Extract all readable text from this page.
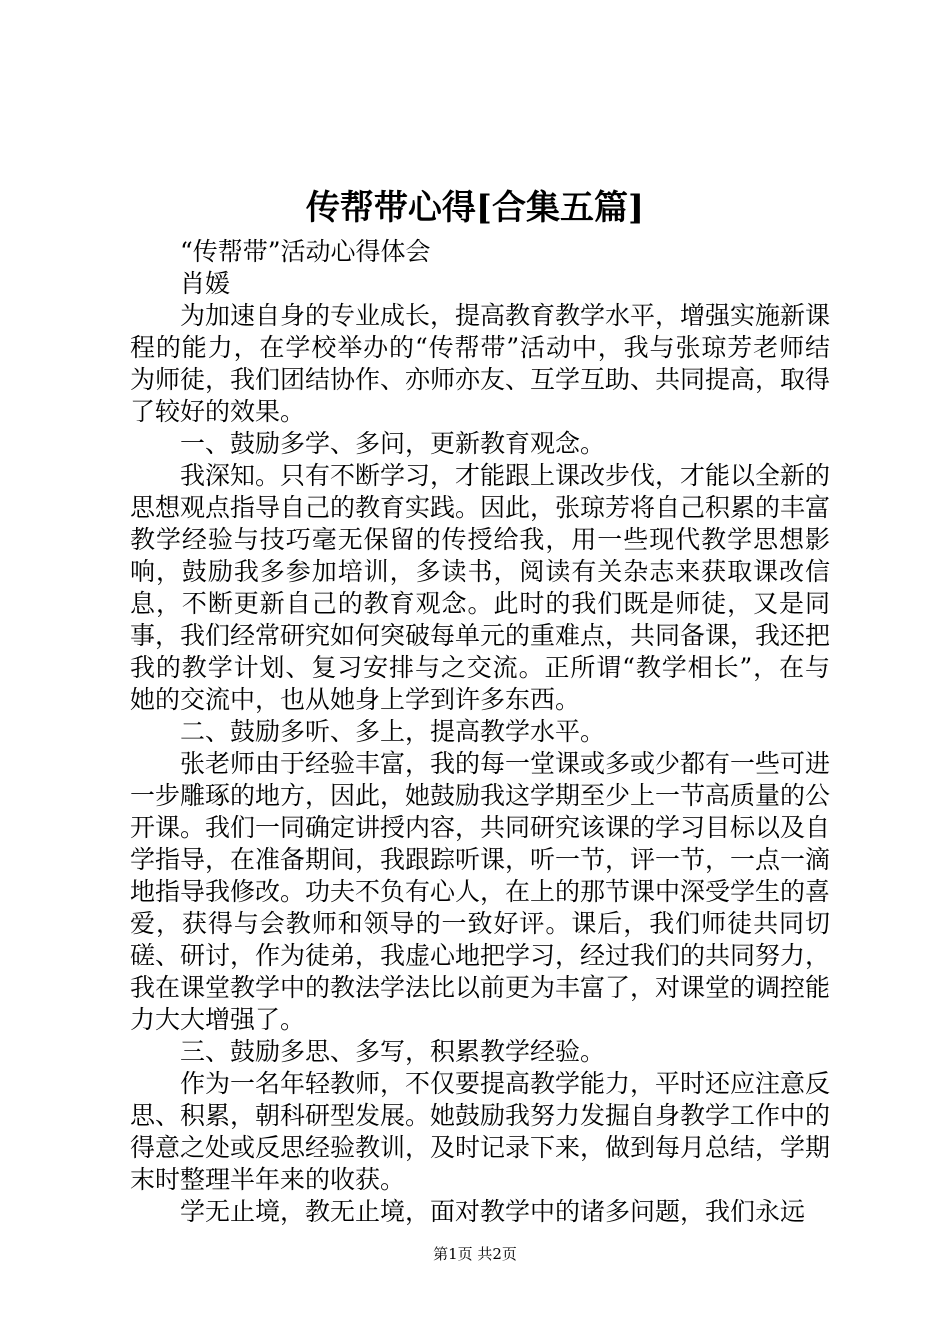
传帮带心得[合集五篇]

“传帮带”活动心得体会

肖媛

为加速自身的专业成长，提高教育教学水平，增强实施新课程的能力，在学校举办的“传帮带”活动中，我与张琼芳老师结为师徒，我们团结协作、亦师亦友、互学互助、共同提高，取得了较好的效果。

一、鼓励多学、多问，更新教育观念。

我深知。只有不断学习，才能跟上课改步伐，才能以全新的思想观点指导自己的教育实践。因此，张琼芳将自己积累的丰富教学经验与技巧毫无保留的传授给我，用一些现代教学思想影响，鼓励我多参加培训，多读书，阅读有关杂志来获取课改信息，不断更新自己的教育观念。此时的我们既是师徒，又是同事，我们经常研究如何突破每单元的重难点，共同备课，我还把我的教学计划、复习安排与之交流。正所谓“教学相长”，在与她的交流中，也从她身上学到许多东西。

二、鼓励多听、多上，提高教学水平。

张老师由于经验丰富，我的每一堂课或多或少都有一些可进一步雕琢的地方，因此，她鼓励我这学期至少上一节高质量的公开课。我们一同确定讲授内容，共同研究该课的学习目标以及自学指导，在准备期间，我跟踪听课，听一节，评一节，一点一滴地指导我修改。功夫不负有心人，在上的那节课中深受学生的喜爱，获得与会教师和领导的一致好评。课后，我们师徒共同切磋、研讨，作为徒弟，我虚心地把学习，经过我们的共同努力，我在课堂教学中的教法学法比以前更为丰富了，对课堂的调控能力大大增强了。

三、鼓励多思、多写，积累教学经验。

作为一名年轻教师，不仅要提高教学能力，平时还应注意反思、积累，朝科研型发展。她鼓励我努力发掘自身教学工作中的得意之处或反思经验教训，及时记录下来，做到每月总结，学期末时整理半年来的收获。

学无止境，教无止境，面对教学中的诸多问题，我们永远

第1页 共2页
